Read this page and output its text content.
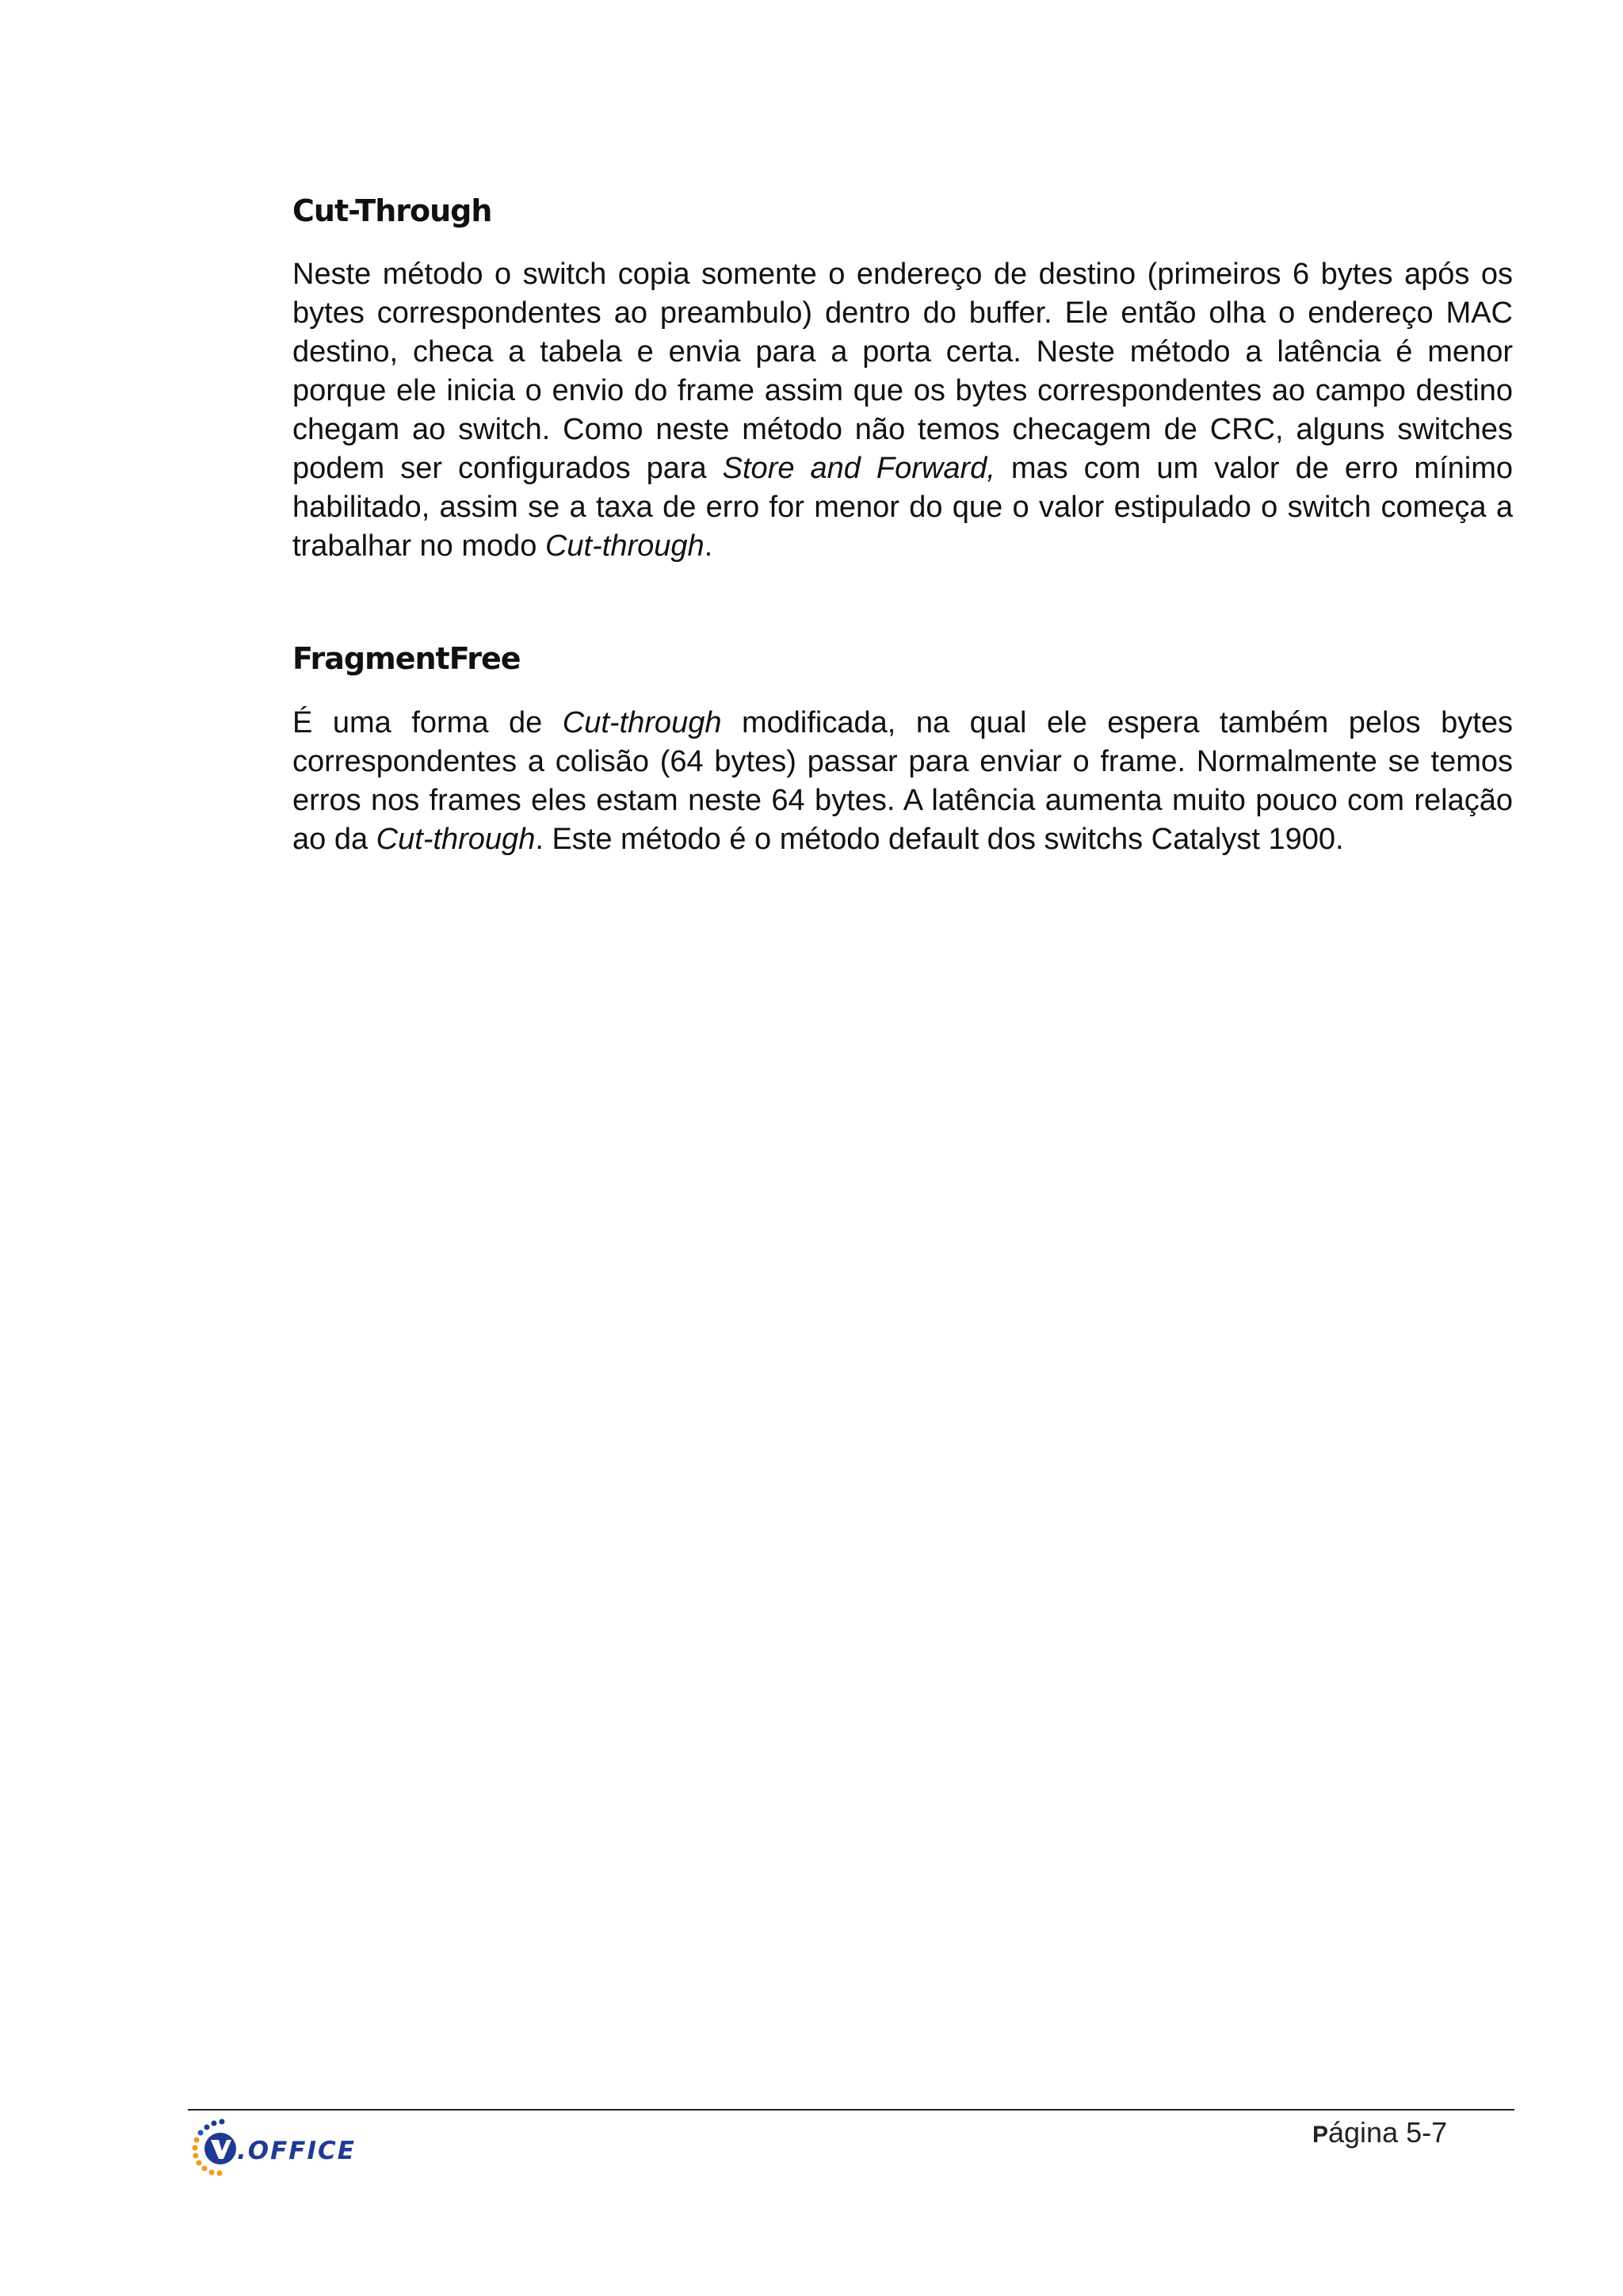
Cut-Through

Neste método o switch copia somente o endereço de destino (primeiros 6 bytes após os bytes correspondentes ao preambulo) dentro do buffer. Ele então olha o endereço MAC destino, checa a tabela e envia para a porta certa. Neste método a latência é menor porque ele inicia o envio do frame assim que os bytes correspondentes ao campo destino chegam ao switch. Como neste método não temos checagem de CRC, alguns switches podem ser configurados para Store and Forward, mas com um valor de erro mínimo habilitado, assim se a taxa de erro for menor do que o valor estipulado o switch começa a trabalhar no modo Cut-through.

FragmentFree

É uma forma de Cut-through modificada, na qual ele espera também pelos bytes correspondentes a colisão (64 bytes) passar para enviar o frame. Normalmente se temos erros nos frames eles estam neste 64 bytes. A latência aumenta muito pouco com relação ao da Cut-through. Este método é o método default dos switchs Catalyst 1900.

.OFFICE
Página 5-7
